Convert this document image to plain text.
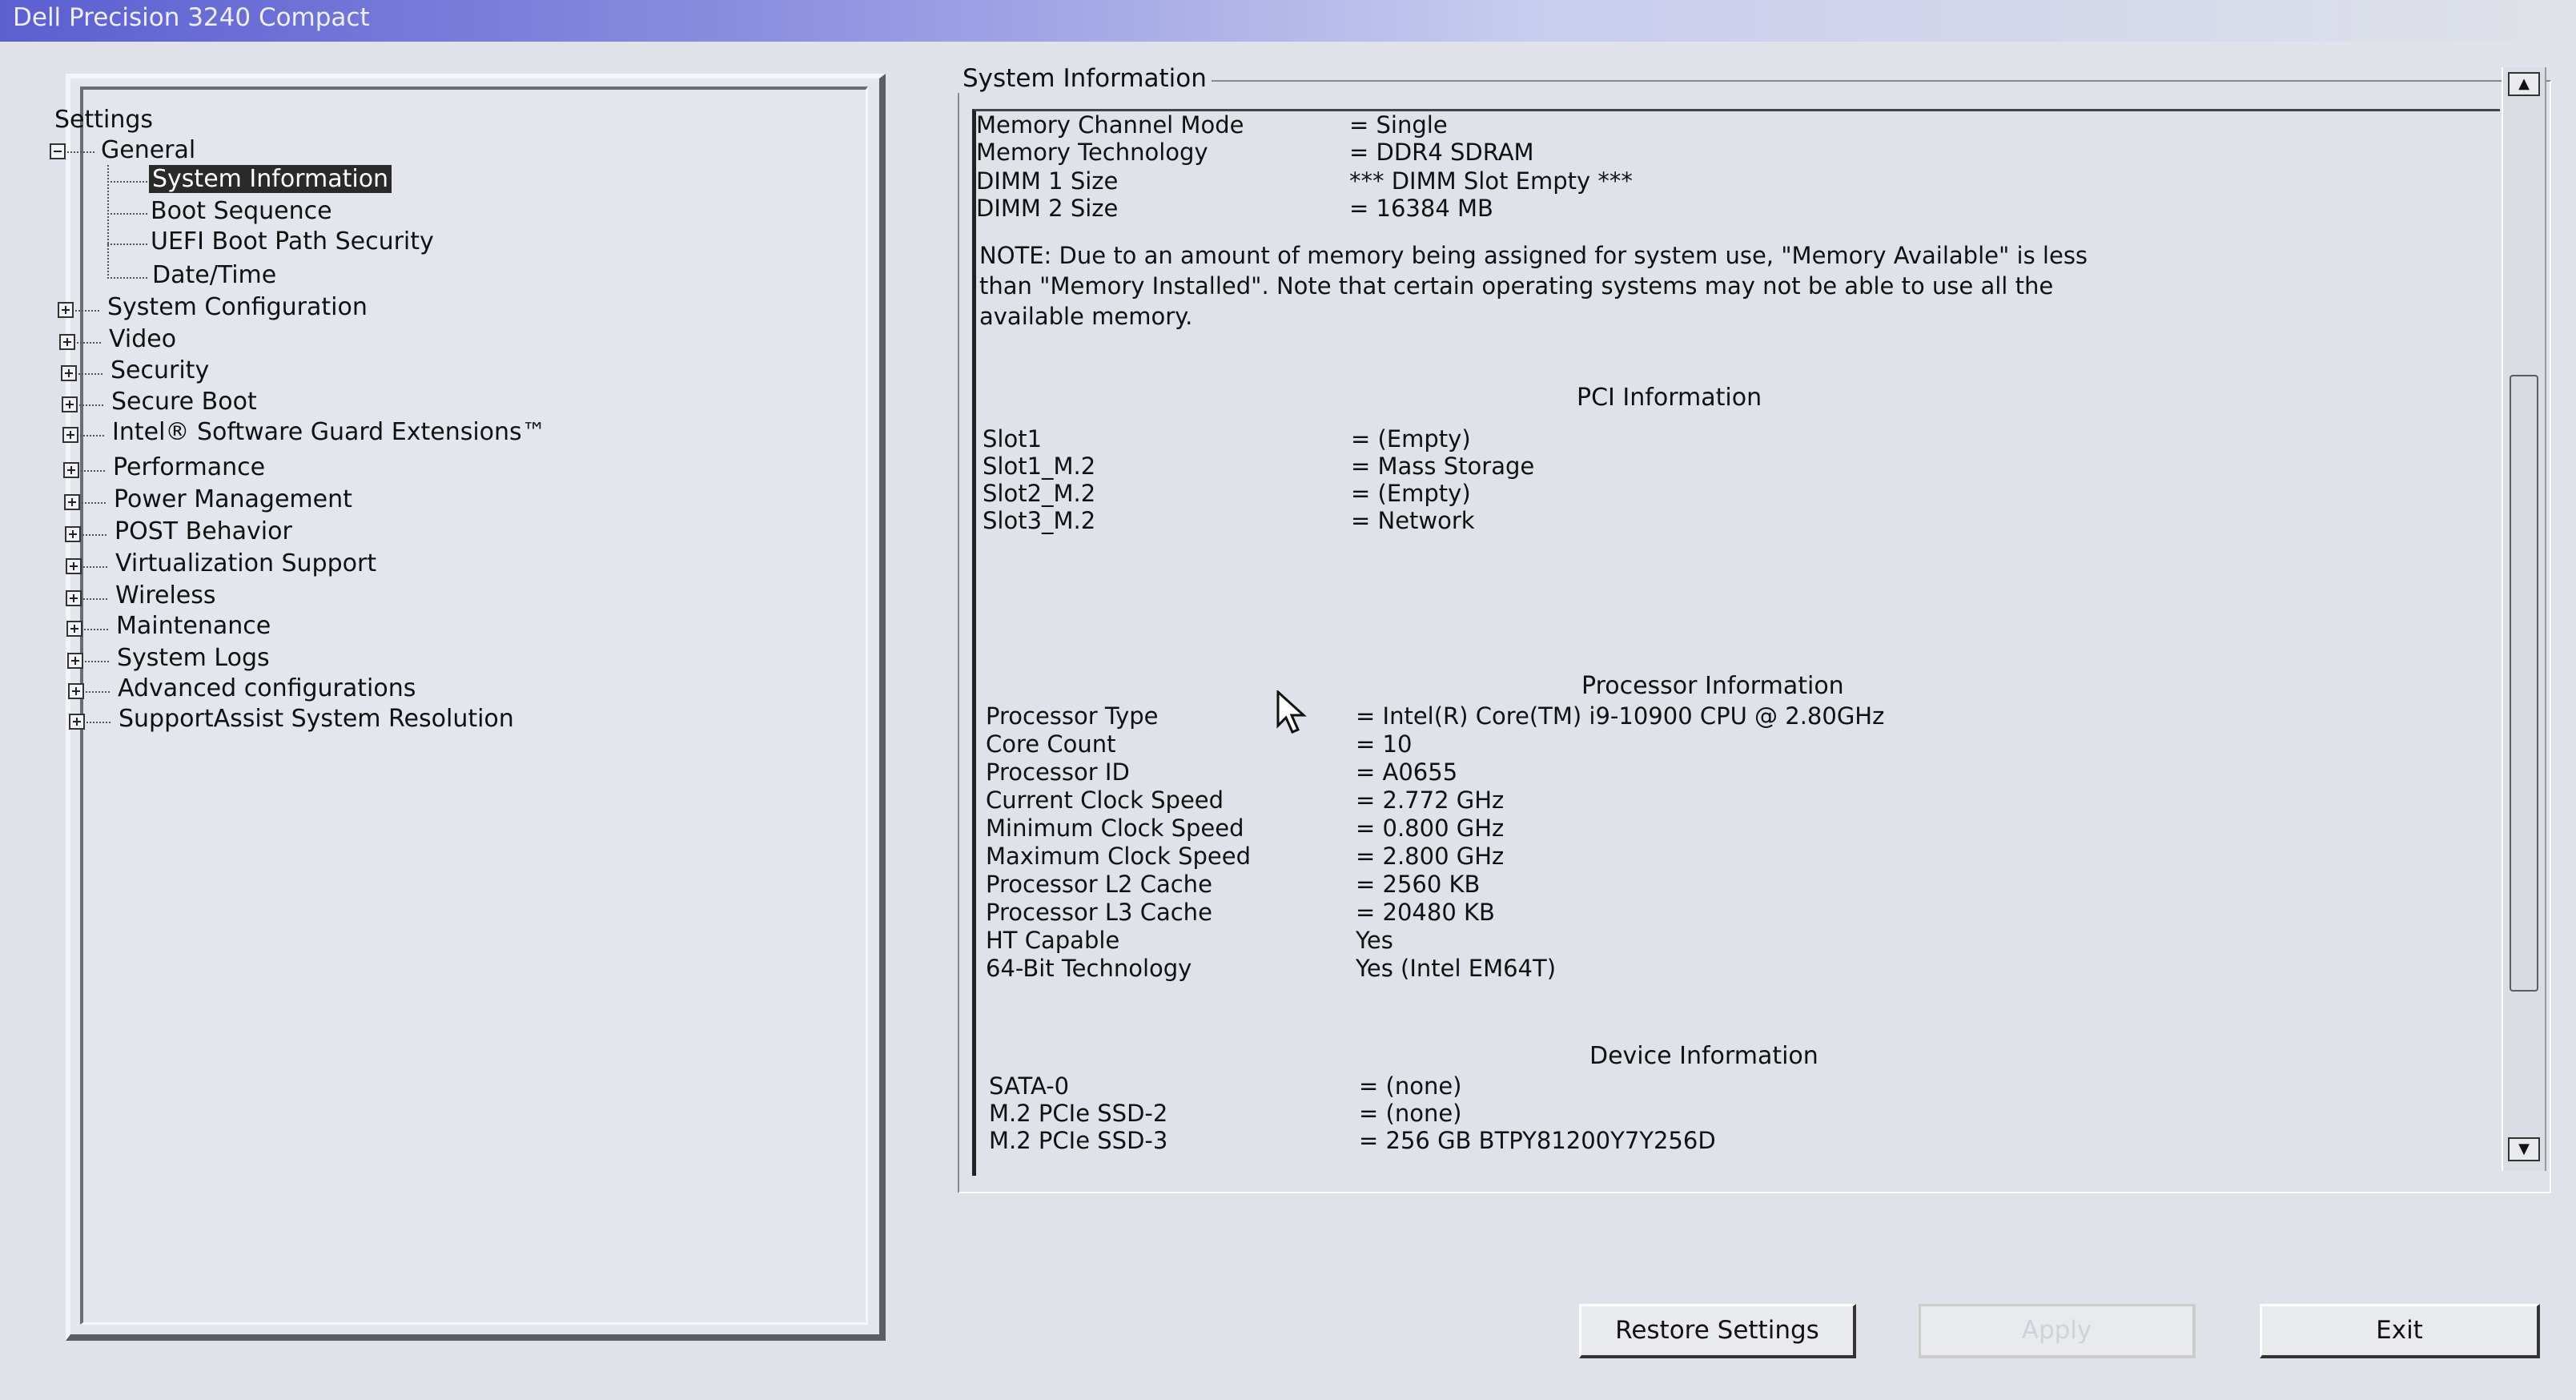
Dell Precision 3240 Compact
Settings
General
System Information
Boot Sequence
UEFI Boot Path Security
Date/Time
System Configuration
Video
Security
Secure Boot
Intel® Software Guard Extensions™
Performance
Power Management
POST Behavior
Virtualization Support
Wireless
Maintenance
System Logs
Advanced configurations
SupportAssist System Resolution
System Information
Memory Channel Mode	= Single
Memory Technology	= DDR4 SDRAM
DIMM 1 Size	*** DIMM Slot Empty ***
DIMM 2 Size	= 16384 MB
NOTE: Due to an amount of memory being assigned for system use, "Memory Available" is less
than "Memory Installed". Note that certain operating systems may not be able to use all the
available memory.
PCI Information
Slot1	= (Empty)
Slot1_M.2	= Mass Storage
Slot2_M.2	= (Empty)
Slot3_M.2	= Network
Processor Information
Processor Type	= Intel(R) Core(TM) i9-10900 CPU @ 2.80GHz
Core Count	= 10
Processor ID	= A0655
Current Clock Speed	= 2.772 GHz
Minimum Clock Speed	= 0.800 GHz
Maximum Clock Speed	= 2.800 GHz
Processor L2 Cache	= 2560 KB
Processor L3 Cache	= 20480 KB
HT Capable	Yes
64-Bit Technology	Yes (Intel EM64T)
Device Information
SATA-0	= (none)
M.2 PCIe SSD-2	= (none)
M.2 PCIe SSD-3	= 256 GB BTPY81200Y7Y256D
▲
▼
Restore Settings	Apply	Exit
